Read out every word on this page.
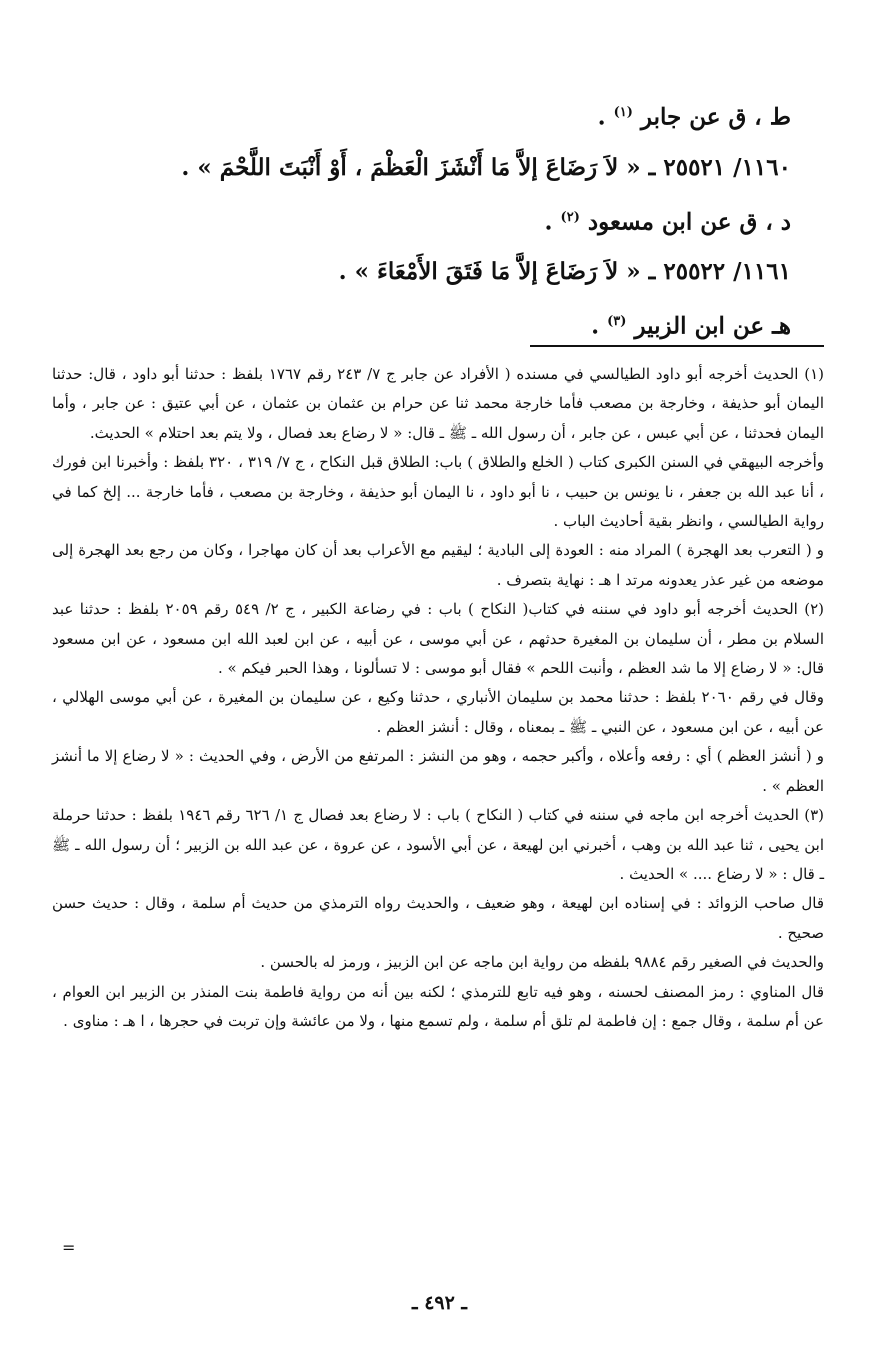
ط ، ق عن جابر $^{(١)}$ .
١١٦٠/ ٢٥٥٢١ ـ « لاَ رَضَاعَ إلاَّ مَا أَنْشَزَ الْعَظْمَ ، أَوْ أَنْبَتَ اللَّحْمَ » .
د ، ق عن ابن مسعود $^{(٢)}$ .
١١٦١/ ٢٥٥٢٢ ـ « لاَ رَضَاعَ إلاَّ مَا فَتَقَ الأَمْعَاءَ » .
هـ عن ابن الزبير $^{(٣)}$ .

(١) الحديث أخرجه أبو داود الطيالسي في مسنده ( الأفراد عن جابر ج ٧/ ٢٤٣ رقم ١٧٦٧ بلفظ : حدثنا أبو داود ، قال: حدثنا اليمان أبو حذيفة ، وخارجة بن مصعب فأما خارجة محمد ثنا عن حرام بن عثمان بن عثمان ، عن أبي عتيق : عن جابر ، وأما اليمان فحدثنا ، عن أبي عبس ، عن جابر ، أن رسول الله ـ ﷺ ـ قال: « لا رضاع بعد فصال ، ولا يتم بعد احتلام » الحديث.

وأخرجه البيهقي في السنن الكبرى كتاب ( الخلع والطلاق ) باب: الطلاق قبل النكاح ، ج ٧/ ٣١٩ ، ٣٢٠ بلفظ : وأخبرنا ابن فورك ، أنا عبد الله بن جعفر ، نا يونس بن حبيب ، نا أبو داود ، نا اليمان أبو حذيفة ، وخارجة بن مصعب ، فأما خارجة ... إلخ كما في رواية الطيالسي ، وانظر بقية أحاديث الباب .

و ( التعرب بعد الهجرة ) المراد منه : العودة إلى البادية ؛ ليقيم مع الأعراب بعد أن كان مهاجرا ، وكان من رجع بعد الهجرة إلى موضعه من غير عذر يعدونه مرتد ا هـ : نهاية بتصرف .

(٢) الحديث أخرجه أبو داود في سننه في كتاب( النكاح ) باب : في رضاعة الكبير ، ج ٢/ ٥٤٩ رقم ٢٠٥٩ بلفظ : حدثنا عبد السلام بن مطر ، أن سليمان بن المغيرة حدثهم ، عن أبي موسى ، عن أبيه ، عن ابن لعبد الله ابن مسعود ، عن ابن مسعود قال: « لا رضاع إلا ما شد العظم ، وأنبت اللحم » فقال أبو موسى : لا تسألونا ، وهذا الحبر فيكم » .

وقال في رقم ٢٠٦٠ بلفظ : حدثنا محمد بن سليمان الأنباري ، حدثنا وكيع ، عن سليمان بن المغيرة ، عن أبي موسى الهلالي ، عن أبيه ، عن ابن مسعود ، عن النبي ـ ﷺ ـ بمعناه ، وقال : أنشز العظم .

و ( أنشز العظم ) أي : رفعه وأعلاه ، وأكبر حجمه ، وهو من النشز : المرتفع من الأرض ، وفي الحديث : « لا رضاع إلا ما أنشز العظم » .

(٣) الحديث أخرجه ابن ماجه في سننه في كتاب ( النكاح ) باب : لا رضاع بعد فصال ج ١/ ٦٢٦ رقم ١٩٤٦ بلفظ : حدثنا حرملة ابن يحيى ، ثنا عبد الله بن وهب ، أخبرني ابن لهيعة ، عن أبي الأسود ، عن عروة ، عن عبد الله بن الزبير ؛ أن رسول الله ـ ﷺ ـ قال : « لا رضاع .... » الحديث .

قال صاحب الزوائد : في إسناده ابن لهيعة ، وهو ضعيف ، والحديث رواه الترمذي من حديث أم سلمة ، وقال : حديث حسن صحيح .

والحديث في الصغير رقم ٩٨٨٤ بلفظه من رواية ابن ماجه عن ابن الزبيز ، ورمز له بالحسن .

قال المناوي : رمز المصنف لحسنه ، وهو فيه تابع للترمذي ؛ لكنه بين أنه من رواية فاطمة بنت المنذر بن الزبير ابن العوام ، عن أم سلمة ، وقال جمع : إن فاطمة لم تلق أم سلمة ، ولم تسمع منها ، ولا من عائشة وإن تربت في حجرها ، ا هـ : مناوى .

=
ـ ٤٩٢ ـ
